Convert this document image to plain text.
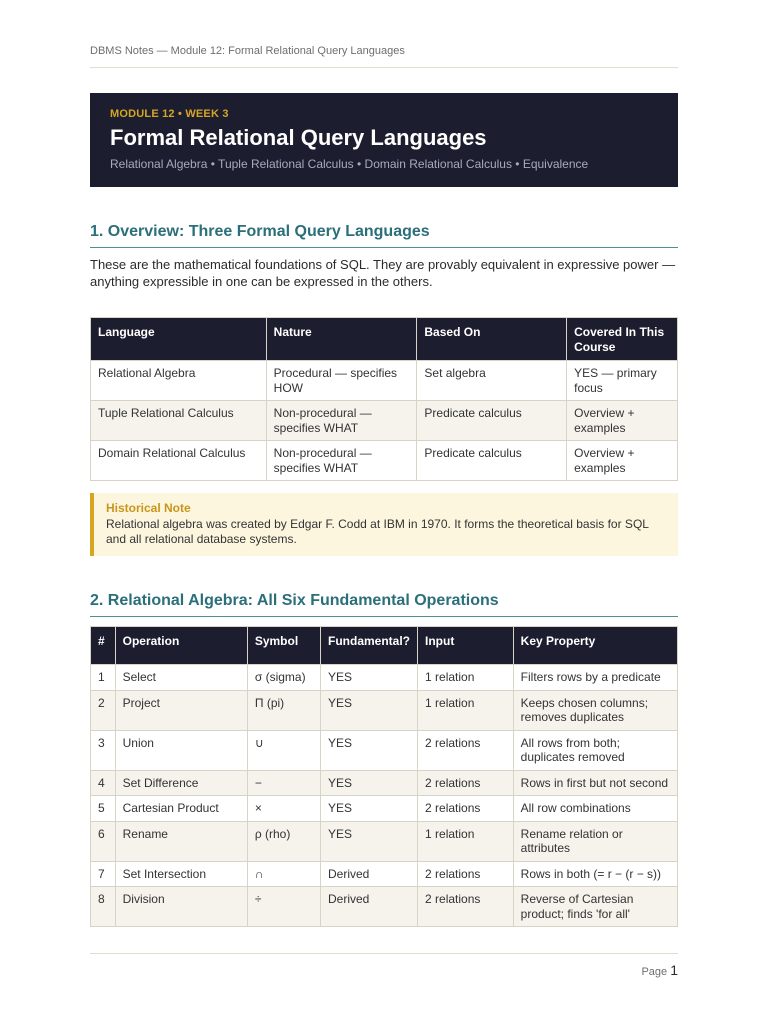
DBMS Notes — Module 12: Formal Relational Query Languages
MODULE 12 • WEEK 3
Formal Relational Query Languages
Relational Algebra • Tuple Relational Calculus • Domain Relational Calculus • Equivalence
1. Overview: Three Formal Query Languages
These are the mathematical foundations of SQL. They are provably equivalent in expressive power — anything expressible in one can be expressed in the others.
Language	Nature	Based On	Covered In This Course
Relational Algebra	Procedural — specifies HOW	Set algebra	YES — primary focus
Tuple Relational Calculus	Non-procedural — specifies WHAT	Predicate calculus	Overview + examples
Domain Relational Calculus	Non-procedural — specifies WHAT	Predicate calculus	Overview + examples
Historical Note
Relational algebra was created by Edgar F. Codd at IBM in 1970. It forms the theoretical basis for SQL and all relational database systems.
2. Relational Algebra: All Six Fundamental Operations
#	Operation	Symbol	Fundamental?	Input	Key Property
1	Select	σ (sigma)	YES	1 relation	Filters rows by a predicate
2	Project	Π (pi)	YES	1 relation	Keeps chosen columns; removes duplicates
3	Union	∪	YES	2 relations	All rows from both; duplicates removed
4	Set Difference	−	YES	2 relations	Rows in first but not second
5	Cartesian Product	×	YES	2 relations	All row combinations
6	Rename	ρ (rho)	YES	1 relation	Rename relation or attributes
7	Set Intersection	∩	Derived	2 relations	Rows in both (= r − (r − s))
8	Division	÷	Derived	2 relations	Reverse of Cartesian product; finds 'for all'
Page 1
